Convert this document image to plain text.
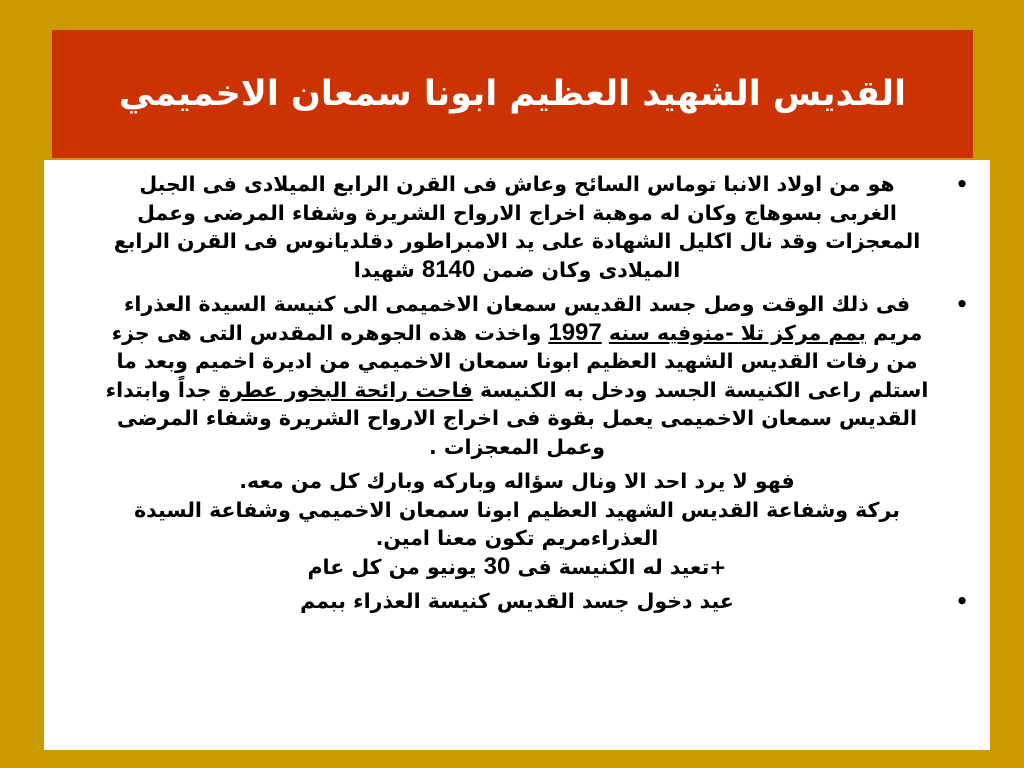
القديس الشهيد العظيم ابونا سمعان الاخميمي
•
هو من اولاد الانبا توماس السائح وعاش فى القرن الرابع الميلادى فى الجبل الغربى بسوهاج وكان له موهبة اخراج الارواح الشريرة وشفاء المرضى وعمل المعجزات وقد نال اكليل الشهادة على يد الامبراطور دقلديانوس فى القرن الرابع الميلادى وكان ضمن 8140 شهيدا
•
فى ذلك الوقت وصل جسد القديس سمعان الاخميمى الى كنيسة السيدة العذراء مريم بمم مركز تلا -منوفيه سنه 1997 واخذت هذه الجوهره المقدس التى هى جزء من رفات القديس الشهيد العظيم ابونا سمعان الاخميمي من اديرة اخميم وبعد ما استلم راعى الكنيسة الجسد ودخل به الكنيسة فاحت رائحة البخور عطرة جداً وابتداء القديس سمعان الاخميمى يعمل بقوة فى اخراج الارواح الشريرة وشفاء المرضى وعمل المعجزات .

فهو لا يرد احد الا ونال سؤاله وباركه وبارك كل من معه.

بركة وشفاعة القديس الشهيد العظيم ابونا سمعان الاخميمي وشفاعة السيدة العذراءمريم تكون معنا امين.

+تعيد له الكنيسة فى 30 يونيو من كل عام

•
عيد دخول جسد القديس كنيسة العذراء ببمم
